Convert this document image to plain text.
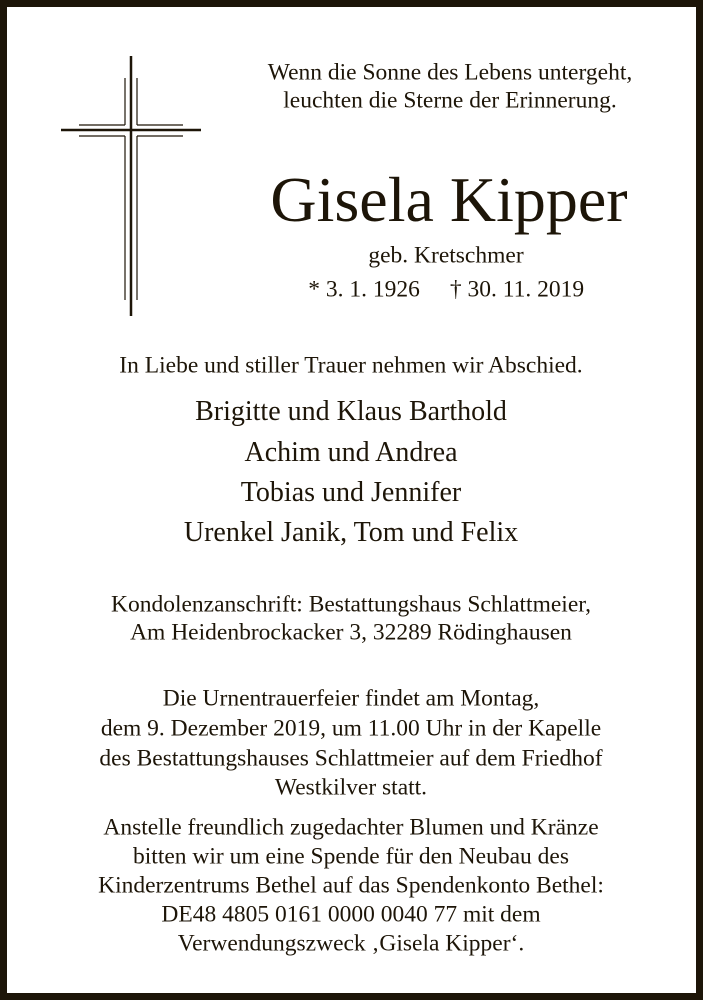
Wenn die Sonne des Lebens untergeht,
leuchten die Sterne der Erinnerung.
Gisela Kipper
geb. Kretschmer
* 3. 1. 1926 † 30. 11. 2019
In Liebe und stiller Trauer nehmen wir Abschied.
Brigitte und Klaus Barthold
Achim und Andrea
Tobias und Jennifer
Urenkel Janik, Tom und Felix
Kondolenzanschrift: Bestattungshaus Schlattmeier,
Am Heidenbrockacker 3, 32289 Rödinghausen
Die Urnentrauerfeier findet am Montag,
dem 9. Dezember 2019, um 11.00 Uhr in der Kapelle
des Bestattungshauses Schlattmeier auf dem Friedhof
Westkilver statt.
Anstelle freundlich zugedachter Blumen und Kränze
bitten wir um eine Spende für den Neubau des
Kinderzentrums Bethel auf das Spendenkonto Bethel:
DE48 4805 0161 0000 0040 77 mit dem
Verwendungszweck ‚Gisela Kipper‘.
